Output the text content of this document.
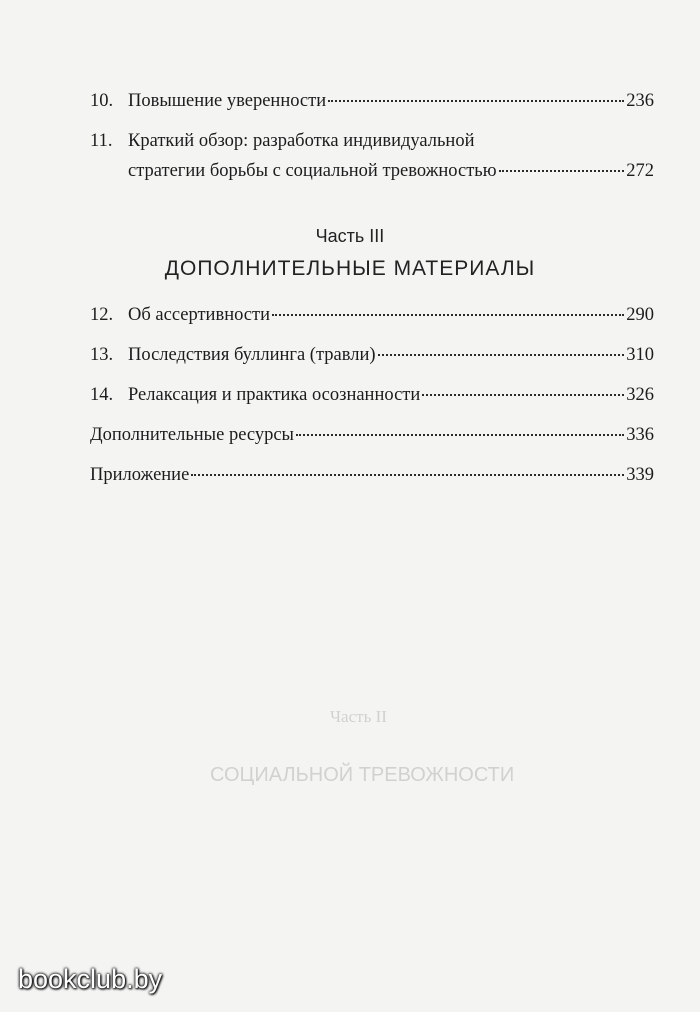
Часть II
СОЦИАЛЬНОЙ ТРЕВОЖНОСТИ
10. Повышение уверенности	236
11. Краткий обзор: разработка индивидуальной
стратегии борьбы с социальной тревожностью	272
Часть III
ДОПОЛНИТЕЛЬНЫЕ МАТЕРИАЛЫ
12. Об ассертивности	290
13. Последствия буллинга (травли)	310
14. Релаксация и практика осознанности	326
Дополнительные ресурсы	336
Приложение	339
bookclub.by
